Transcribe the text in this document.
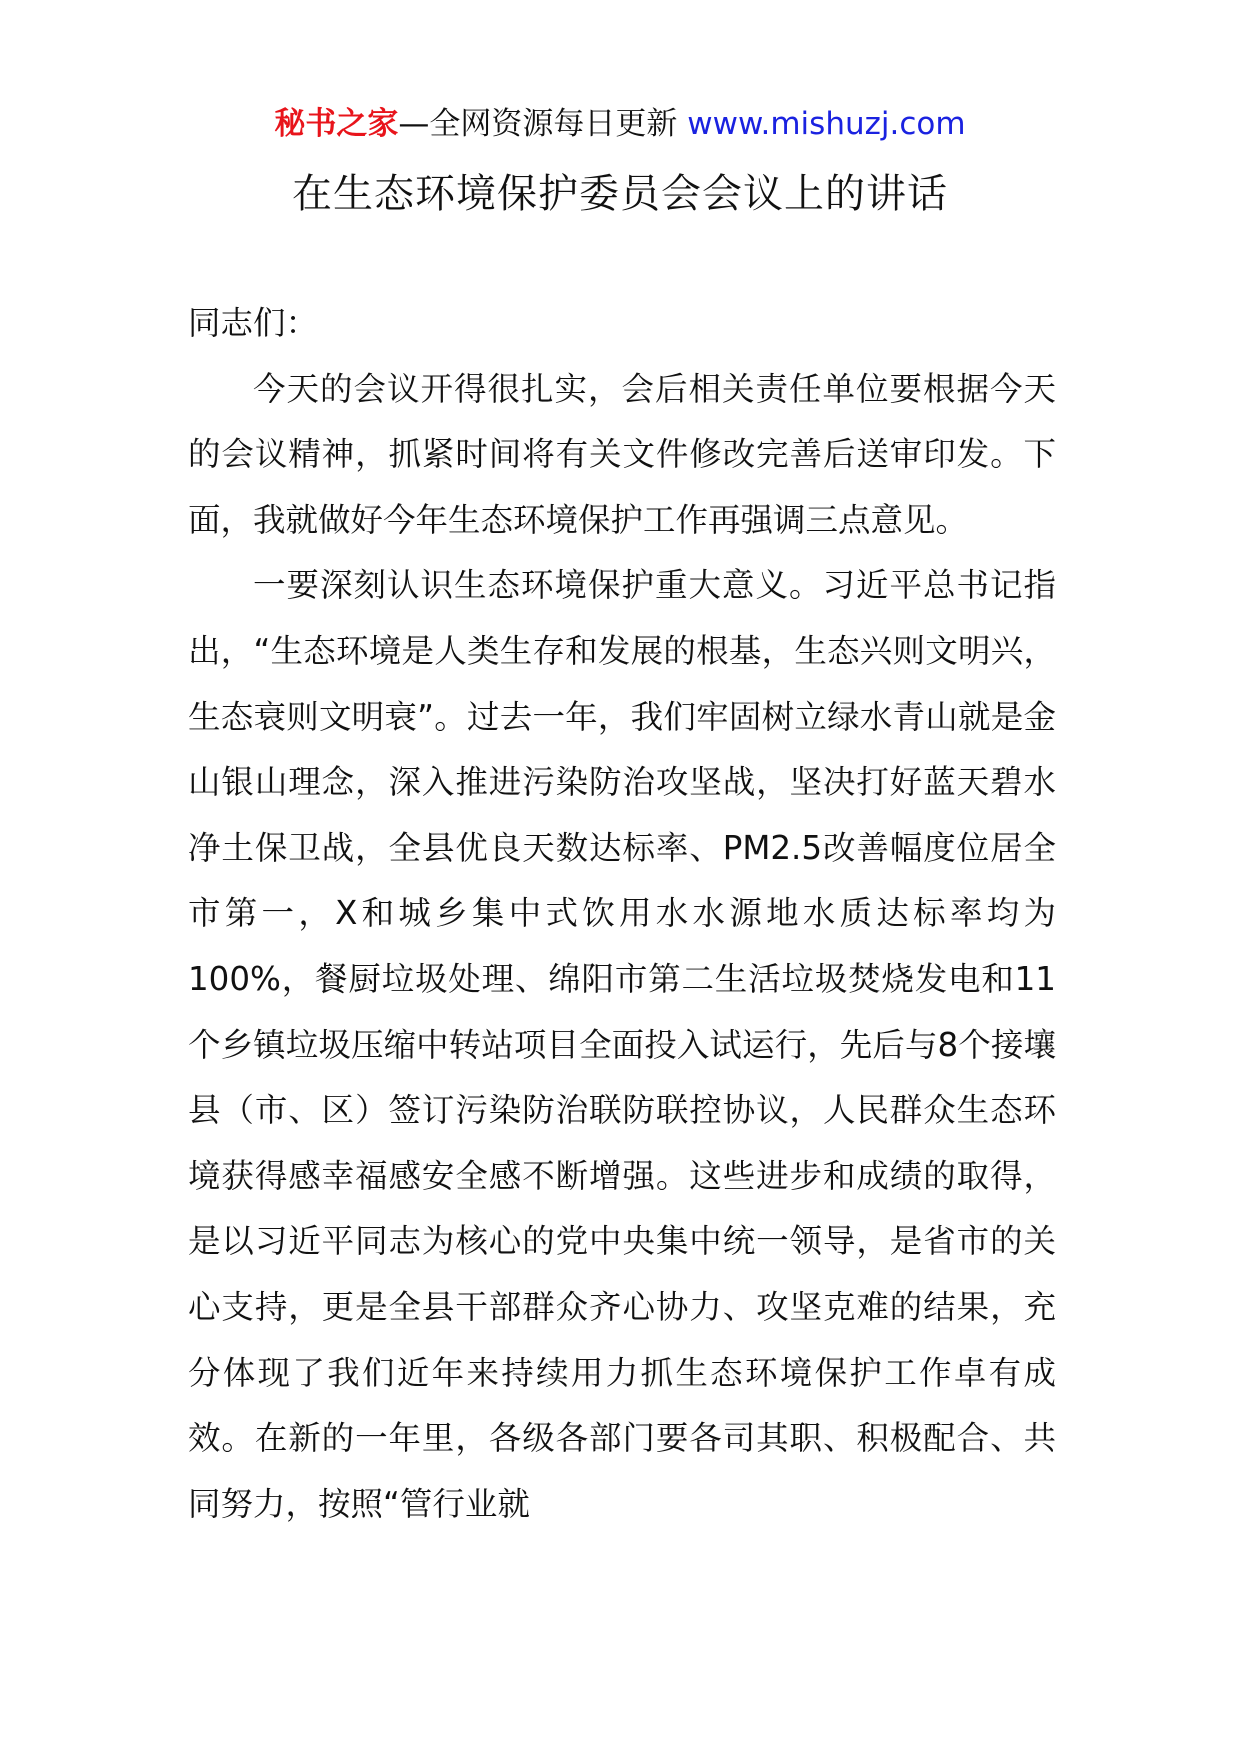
秘书之家—全网资源每日更新 www.mishuzj.com
在生态环境保护委员会会议上的讲话

同志们：

今天的会议开得很扎实，会后相关责任单位要根据今天的会议精神，抓紧时间将有关文件修改完善后送审印发。下面，我就做好今年生态环境保护工作再强调三点意见。

一要深刻认识生态环境保护重大意义。习近平总书记指出，“生态环境是人类生存和发展的根基，生态兴则文明兴，生态衰则文明衰”。过去一年，我们牢固树立绿水青山就是金山银山理念，深入推进污染防治攻坚战，坚决打好蓝天碧水净土保卫战，全县优良天数达标率、PM2.5改善幅度位居全市第一，X和城乡集中式饮用水水源地水质达标率均为100%，餐厨垃圾处理、绵阳市第二生活垃圾焚烧发电和11个乡镇垃圾压缩中转站项目全面投入试运行，先后与8个接壤县（市、区）签订污染防治联防联控协议，人民群众生态环境获得感幸福感安全感不断增强。这些进步和成绩的取得，是以习近平同志为核心的党中央集中统一领导，是省市的关心支持，更是全县干部群众齐心协力、攻坚克难的结果，充分体现了我们近年来持续用力抓生态环境保护工作卓有成效。在新的一年里，各级各部门要各司其职、积极配合、共同努力，按照“管行业就
